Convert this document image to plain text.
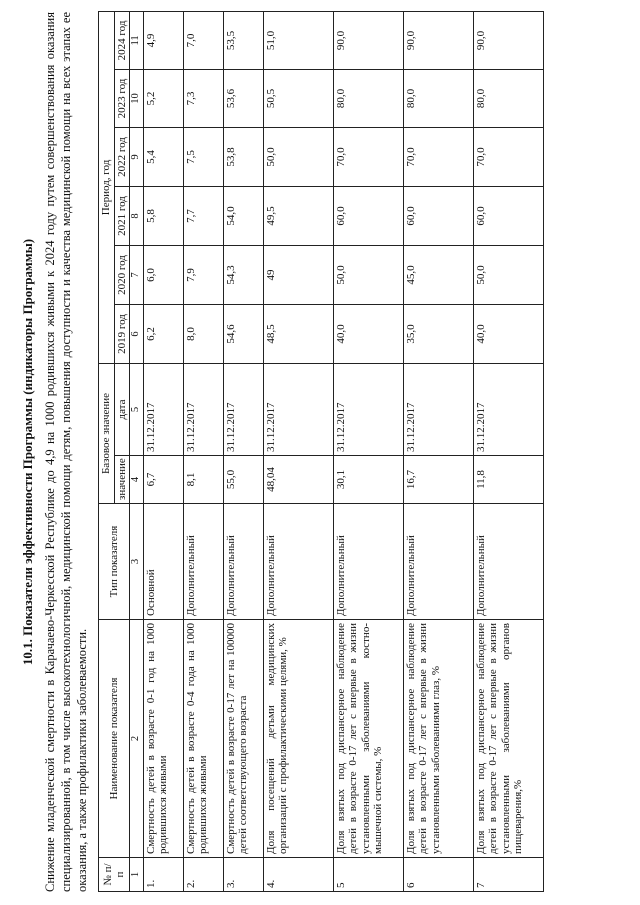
10.1. Показатели эффективности Программы (индикаторы Программы) Снижение младенческой смертности в Карачаево-Черкесской Республике до 4,9 на 1000 родившихся живыми к 2024 году путем совершенствования оказания специализированной, в том числе высокотехнологичной, медицинской помощи детям, повышения доступности и качества медицинской помощи на всех этапах ее оказания, а также профилактики заболеваемости. № п/п	Наименование показателя	Тип показателя	Базовое значение		Период, год					
			значение	дата	2019 год	2020 год	2021 год	2022 год	2023 год	2024 год
1	2	3	4	5	6	7	8	9	10	11
1.	Смертность детей в возрасте 0-1 год на 1000 родившихся живыми	Основной	6,7	31.12.2017	6,2	6,0	5,8	5,4	5,2	4,9
2.	Смертность детей в возрасте 0-4 года на 1000 родившихся живыми	Дополнительный	8,1	31.12.2017	8,0	7,9	7,7	7,5	7,3	7,0
3.	Смертность детей в возрасте 0-17 лет на 100000 детей соответствующего возраста	Дополнительный	55,0	31.12.2017	54,6	54,3	54,0	53,8	53,6	53,5
4.	Доля посещений детьми медицинских организаций с профилактическими целями, %	Дополнительный	48,04	31.12.2017	48,5	49	49,5	50,0	50,5	51,0
5	Доля взятых под диспансерное наблюдение детей в возрасте 0-17 лет с впервые в жизни установленными заболеваниями костно-мышечной системы, %	Дополнительный	30,1	31.12.2017	40,0	50,0	60,0	70,0	80,0	90,0
6	Доля взятых под диспансерное наблюдение детей в возрасте 0-17 лет с впервые в жизни установленными заболеваниями глаз, %	Дополнительный	16,7	31.12.2017	35,0	45,0	60,0	70,0	80,0	90,0
7	Доля взятых под диспансерное наблюдение детей в возрасте 0-17 лет с впервые в жизни установленными заболеваниями органов пищеварения,%	Дополнительный	11,8	31.12.2017	40,0	50,0	60,0	70,0	80,0	90,0
